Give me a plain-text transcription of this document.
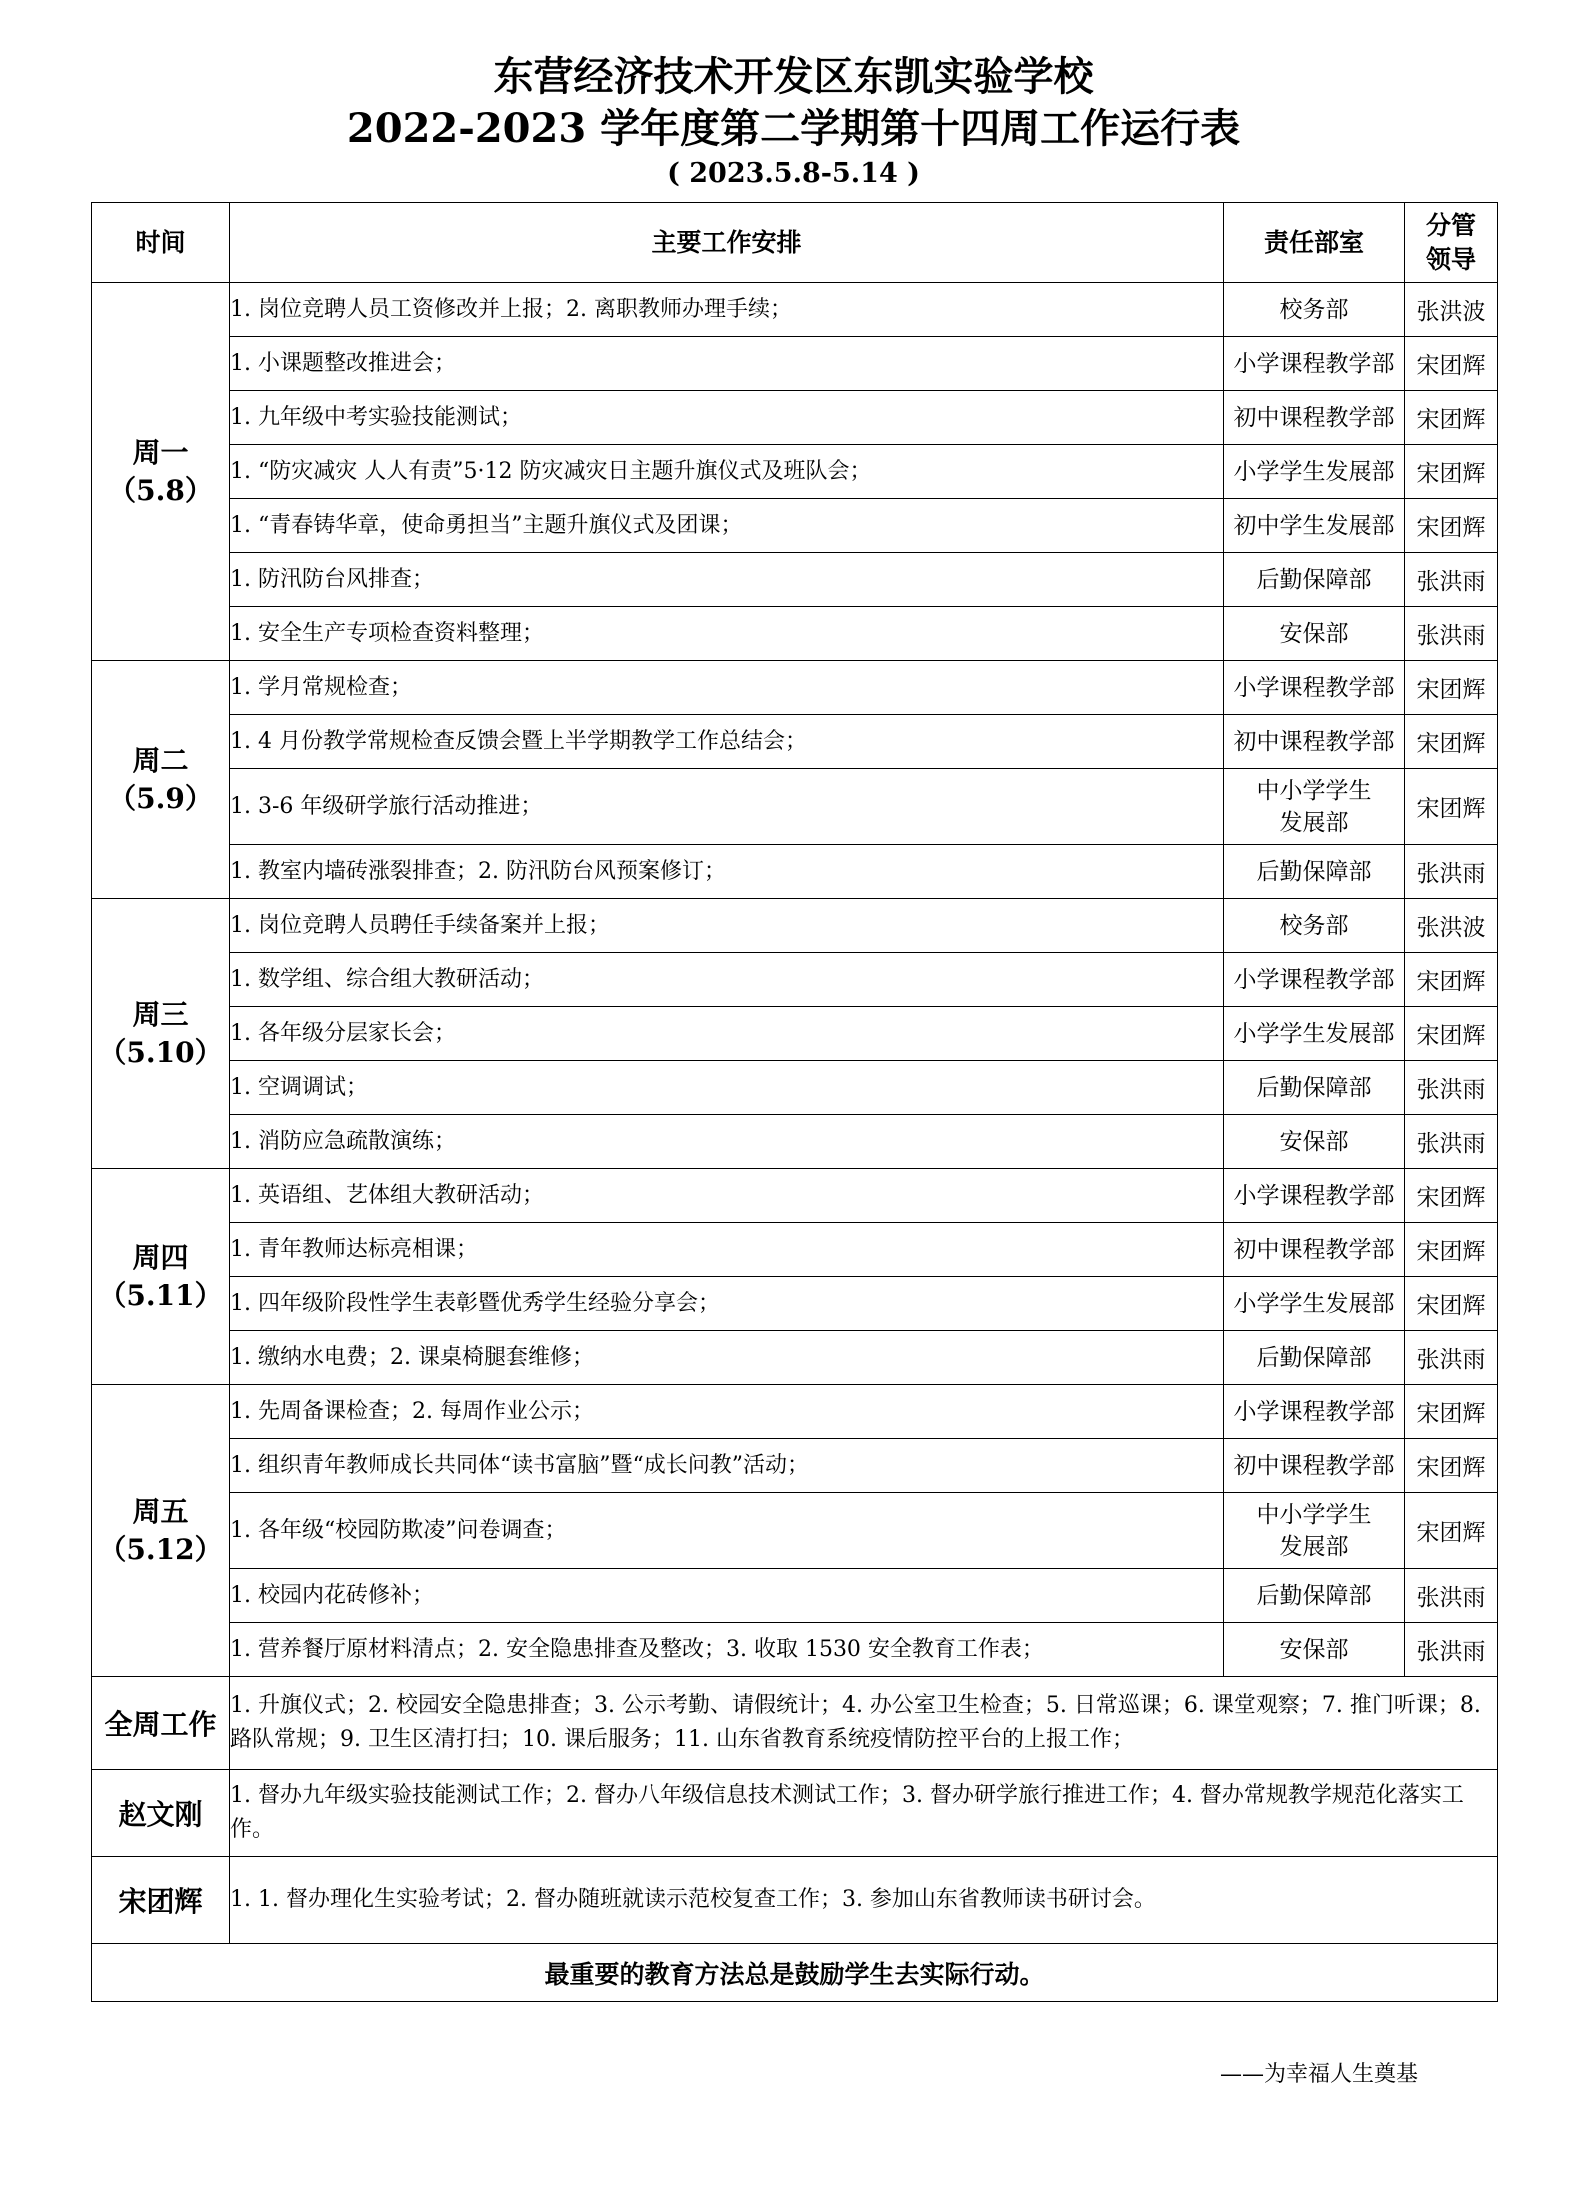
东营经济技术开发区东凯实验学校
2022-2023 学年度第二学期第十四周工作运行表
( 2023.5.8-5.14 )
时间	主要工作安排	责任部室	分管领导

周一
（5.8）	1. 岗位竞聘人员工资修改并上报；2. 离职教师办理手续；	校务部	张洪波
	1. 小课题整改推进会；	小学课程教学部	宋团辉
	1. 九年级中考实验技能测试；	初中课程教学部	宋团辉
	1. “防灾减灾 人人有责”5·12 防灾减灾日主题升旗仪式及班队会；	小学学生发展部	宋团辉
	1. “青春铸华章，使命勇担当”主题升旗仪式及团课；	初中学生发展部	宋团辉
	1. 防汛防台风排查；	后勤保障部	张洪雨
	1. 安全生产专项检查资料整理；	安保部	张洪雨

周二
（5.9）	1. 学月常规检查；	小学课程教学部	宋团辉
	1. 4 月份教学常规检查反馈会暨上半学期教学工作总结会；	初中课程教学部	宋团辉
	1. 3-6 年级研学旅行活动推进；	中小学学生发展部	宋团辉
	1. 教室内墙砖涨裂排查；2. 防汛防台风预案修订；	后勤保障部	张洪雨

周三
（5.10）	1. 岗位竞聘人员聘任手续备案并上报；	校务部	张洪波
	1. 数学组、综合组大教研活动；	小学课程教学部	宋团辉
	1. 各年级分层家长会；	小学学生发展部	宋团辉
	1. 空调调试；	后勤保障部	张洪雨
	1. 消防应急疏散演练；	安保部	张洪雨

周四
（5.11）	1. 英语组、艺体组大教研活动；	小学课程教学部	宋团辉
	1. 青年教师达标亮相课；	初中课程教学部	宋团辉
	1. 四年级阶段性学生表彰暨优秀学生经验分享会；	小学学生发展部	宋团辉
	1. 缴纳水电费；2. 课桌椅腿套维修；	后勤保障部	张洪雨

周五
（5.12）	1. 先周备课检查；2. 每周作业公示；	小学课程教学部	宋团辉
	1. 组织青年教师成长共同体“读书富脑”暨“成长问教”活动；	初中课程教学部	宋团辉
	1. 各年级“校园防欺凌”问卷调查；	中小学学生发展部	宋团辉
	1. 校园内花砖修补；	后勤保障部	张洪雨
	1. 营养餐厅原材料清点；2. 安全隐患排查及整改；3. 收取 1530 安全教育工作表；	安保部	张洪雨
全周工作	1. 升旗仪式；2. 校园安全隐患排查；3. 公示考勤、请假统计；4. 办公室卫生检查；5. 日常巡课；6. 课堂观察；7. 推门听课；8. 路队常规；9. 卫生区清打扫；10. 课后服务；11. 山东省教育系统疫情防控平台的上报工作；		
赵文刚	1. 督办九年级实验技能测试工作；2. 督办八年级信息技术测试工作；3. 督办研学旅行推进工作；4. 督办常规教学规范化落实工作。		
宋团辉	1. 1. 督办理化生实验考试；2. 督办随班就读示范校复查工作；3. 参加山东省教师读书研讨会。		
最重要的教育方法总是鼓励学生去实际行动。			
——为幸福人生奠基
